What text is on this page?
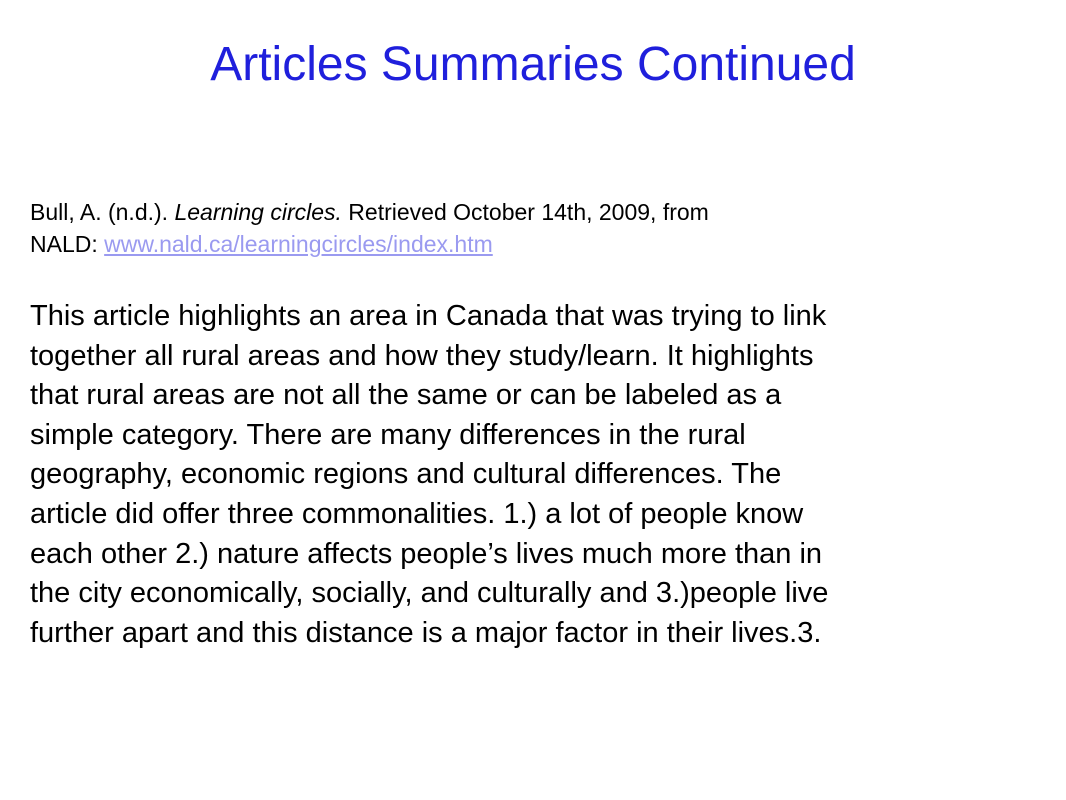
Articles Summaries Continued
Bull, A. (n.d.). Learning circles. Retrieved October 14th, 2009, from
NALD: www.nald.ca/learningcircles/index.htm
This article highlights an area in Canada that was trying to link
together all rural areas and how they study/learn. It highlights
that rural areas are not all the same or can be labeled as a
simple category. There are many differences in the rural
geography, economic regions and cultural differences. The
article did offer three commonalities. 1.) a lot of people know
each other 2.) nature affects people’s lives much more than in
the city economically, socially, and culturally and 3.)people live
further apart and this distance is a major factor in their lives.3.
